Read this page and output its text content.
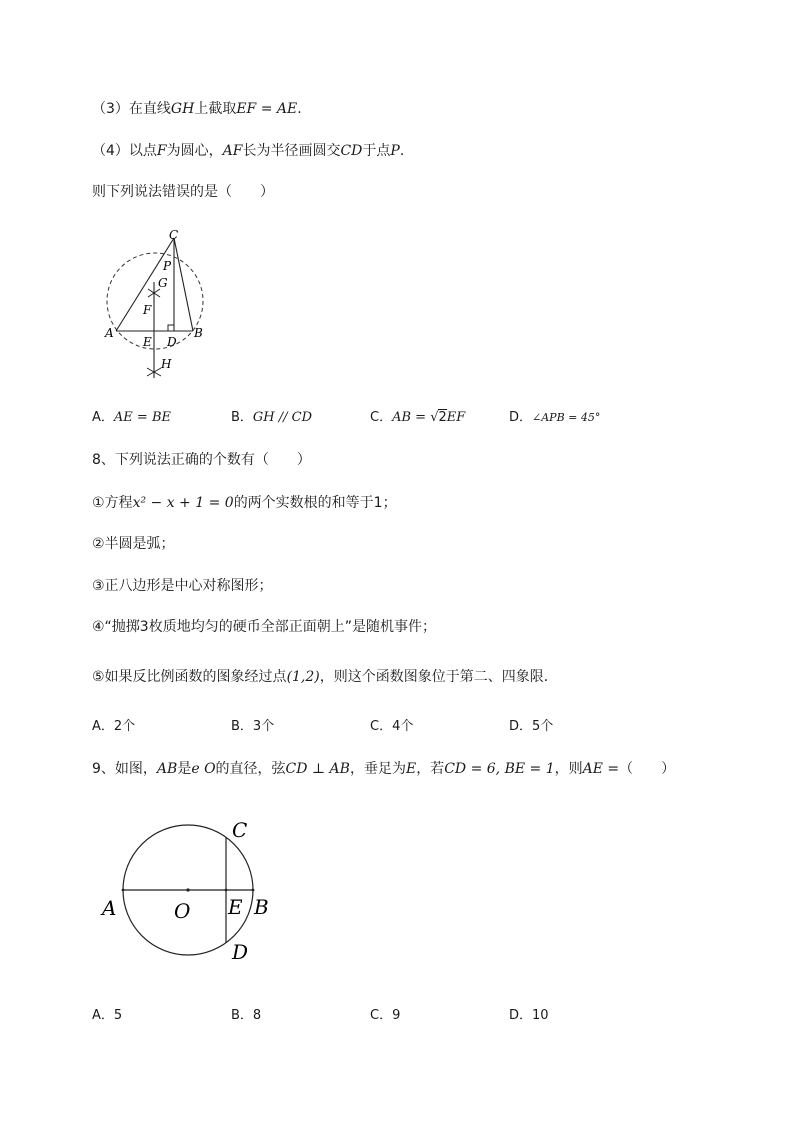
（3）在直线GH上截取EF = AE.
（4）以点F为圆心，AF长为半径画圆交CD于点P.
则下列说法错误的是（　　）
C
P
G
F
A
E D
B
H
A．AE = BE	B．GH // CD	C．AB = √2EF	D．∠APB = 45°
8、下列说法正确的个数有（　　）
①方程x² − x + 1 = 0的两个实数根的和等于1；
②半圆是弧；
③正八边形是中心对称图形；
④“抛掷3枚质地均匀的硬币全部正面朝上”是随机事件；
⑤如果反比例函数的图象经过点(1,2)，则这个函数图象位于第二、四象限．
A．2个	B．3个	C．4个	D．5个
9、如图，AB是e O的直径，弦CD ⊥ AB，垂足为E，若CD = 6, BE = 1，则AE =（　　）
A	O E B
C
D
A．5	B．8	C．9	D．10
